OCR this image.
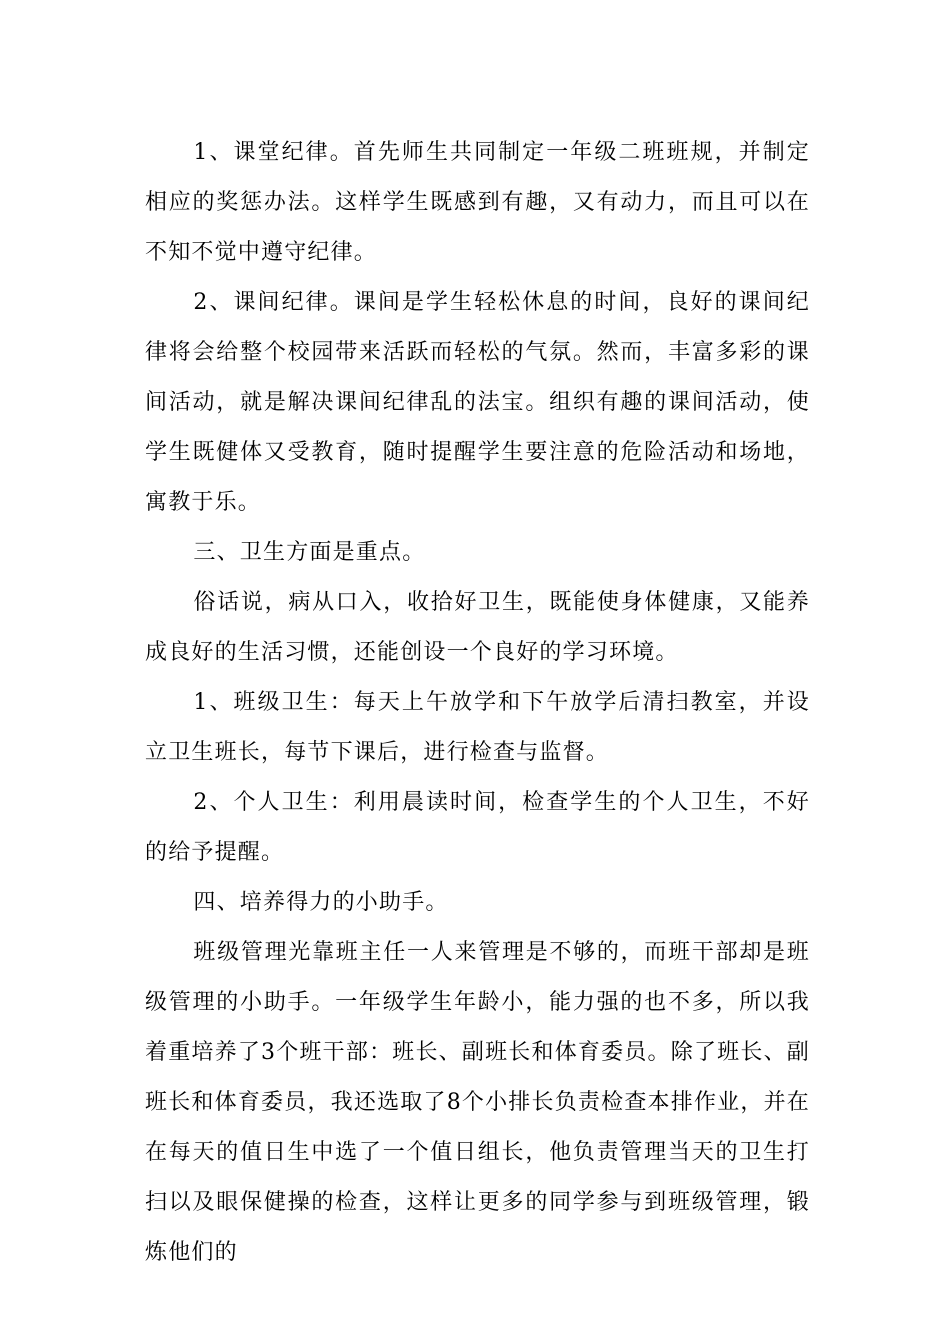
1、课堂纪律。首先师生共同制定一年级二班班规，并制定相应的奖惩办法。这样学生既感到有趣，又有动力，而且可以在不知不觉中遵守纪律。

2、课间纪律。课间是学生轻松休息的时间，良好的课间纪律将会给整个校园带来活跃而轻松的气氛。然而，丰富多彩的课间活动，就是解决课间纪律乱的法宝。组织有趣的课间活动，使学生既健体又受教育，随时提醒学生要注意的危险活动和场地，寓教于乐。

三、卫生方面是重点。

俗话说，病从口入，收拾好卫生，既能使身体健康，又能养成良好的生活习惯，还能创设一个良好的学习环境。

1、班级卫生：每天上午放学和下午放学后清扫教室，并设立卫生班长，每节下课后，进行检查与监督。

2、个人卫生：利用晨读时间，检查学生的个人卫生，不好的给予提醒。

四、培养得力的小助手。

班级管理光靠班主任一人来管理是不够的，而班干部却是班级管理的小助手。一年级学生年龄小，能力强的也不多，所以我着重培养了3个班干部：班长、副班长和体育委员。除了班长、副班长和体育委员，我还选取了8个小排长负责检查本排作业，并在在每天的值日生中选了一个值日组长，他负责管理当天的卫生打扫以及眼保健操的检查，这样让更多的同学参与到班级管理，锻炼他们的
